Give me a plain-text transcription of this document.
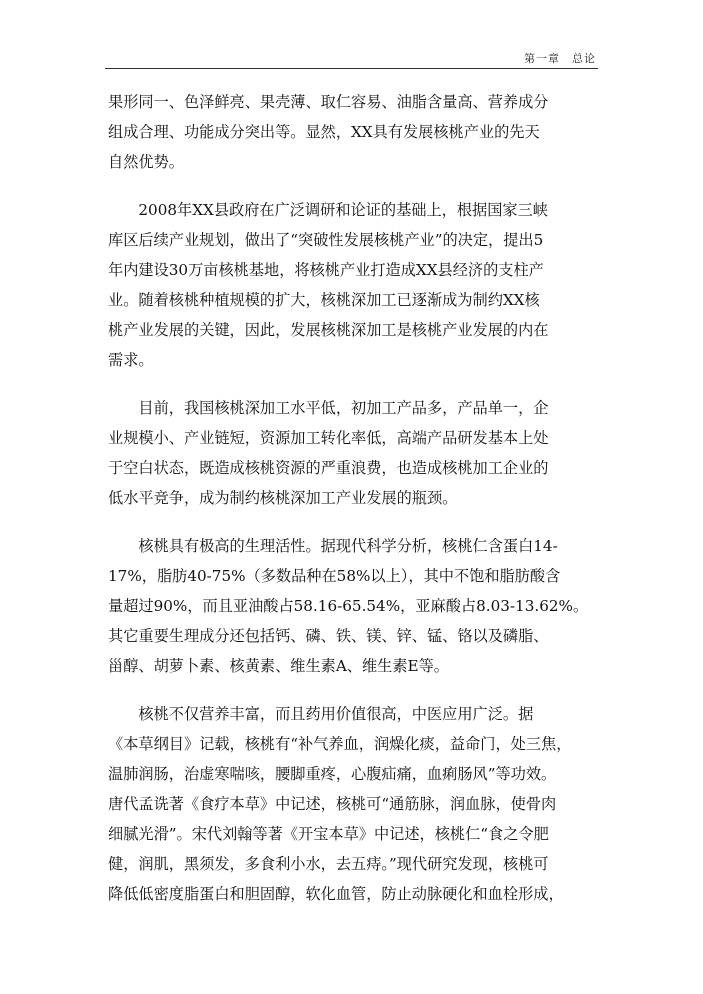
第一章　总论
果形同一、色泽鲜亮、果壳薄、取仁容易、油脂含量高、营养成分
组成合理、功能成分突出等。显然，XX具有发展核桃产业的先天
自然优势。
　　2008年XX县政府在广泛调研和论证的基础上，根据国家三峡
库区后续产业规划，做出了“突破性发展核桃产业”的决定，提出5
年内建设30万亩核桃基地，将核桃产业打造成XX县经济的支柱产
业。随着核桃种植规模的扩大，核桃深加工已逐渐成为制约XX核
桃产业发展的关键，因此，发展核桃深加工是核桃产业发展的内在
需求。
　　目前，我国核桃深加工水平低，初加工产品多，产品单一，企
业规模小、产业链短，资源加工转化率低，高端产品研发基本上处
于空白状态，既造成核桃资源的严重浪费，也造成核桃加工企业的
低水平竞争，成为制约核桃深加工产业发展的瓶颈。
　　核桃具有极高的生理活性。据现代科学分析，核桃仁含蛋白14-
17%，脂肪40-75%（多数品种在58%以上），其中不饱和脂肪酸含
量超过90%，而且亚油酸占58.16-65.54%，亚麻酸占8.03-13.62%。
其它重要生理成分还包括钙、磷、铁、镁、锌、锰、铬以及磷脂、
甾醇、胡萝卜素、核黄素、维生素A、维生素E等。
　　核桃不仅营养丰富，而且药用价值很高，中医应用广泛。据
《本草纲目》记载，核桃有“补气养血，润燥化痰，益命门，处三焦，
温肺润肠，治虚寒喘咳，腰脚重疼，心腹疝痛，血痢肠风”等功效。
唐代孟诜著《食疗本草》中记述，核桃可“通筋脉，润血脉，使骨肉
细腻光滑”。宋代刘翰等著《开宝本草》中记述，核桃仁“食之令肥
健，润肌，黑须发，多食利小水，去五痔。”现代研究发现，核桃可
降低低密度脂蛋白和胆固醇，软化血管，防止动脉硬化和血栓形成，
